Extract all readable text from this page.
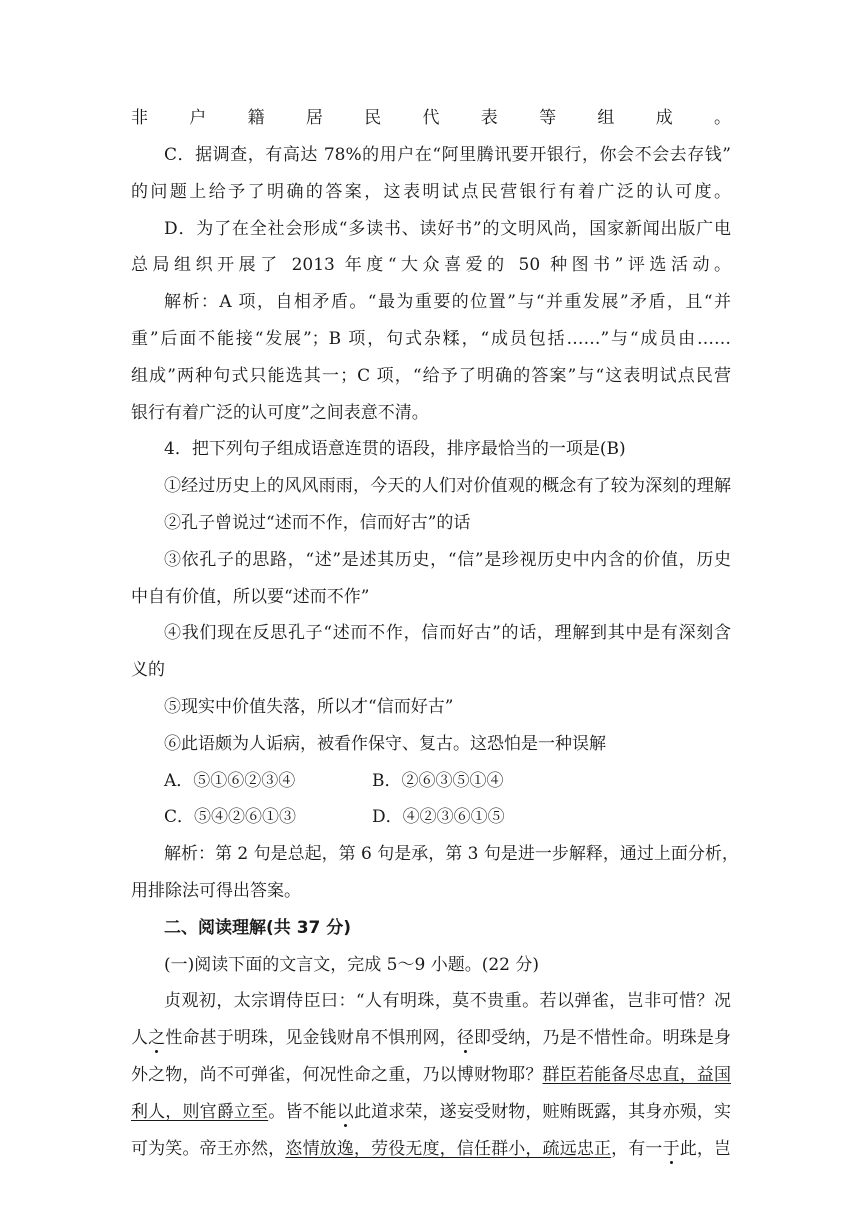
非户籍居民代表等组成。
C．据调查，有高达 78%的用户在“阿里腾讯要开银行，你会不会去存钱”
的问题上给予了明确的答案，这表明试点民营银行有着广泛的认可度。
D．为了在全社会形成“多读书、读好书”的文明风尚，国家新闻出版广电
总局组织开展了 2013 年度“大众喜爱的 50 种图书”评选活动。
解析：A 项，自相矛盾。“最为重要的位置”与“并重发展”矛盾，且“并
重”后面不能接“发展”；B 项，句式杂糅，“成员包括……”与“成员由……
组成”两种句式只能选其一；C 项，“给予了明确的答案”与“这表明试点民营
银行有着广泛的认可度”之间表意不清。
4．把下列句子组成语意连贯的语段，排序最恰当的一项是(B)
①经过历史上的风风雨雨，今天的人们对价值观的概念有了较为深刻的理解
②孔子曾说过“述而不作，信而好古”的话
③依孔子的思路，“述”是述其历史，“信”是珍视历史中内含的价值，历史
中自有价值，所以要“述而不作”
④我们现在反思孔子“述而不作，信而好古”的话，理解到其中是有深刻含
义的
⑤现实中价值失落，所以才“信而好古”
⑥此语颇为人诟病，被看作保守、复古。这恐怕是一种误解
A．⑤①⑥②③④	B．②⑥③⑤①④
C．⑤④②⑥①③	D．④②③⑥①⑤
解析：第 2 句是总起，第 6 句是承，第 3 句是进一步解释，通过上面分析，
用排除法可得出答案。
二、阅读理解(共 37 分)
(一)阅读下面的文言文，完成 5～9 小题。(22 分)
贞观初，太宗谓侍臣曰：“人有明珠，莫不贵重。若以弹雀，岂非可惜？况
人之性命甚于明珠，见金钱财帛不惧刑网，径即受纳，乃是不惜性命。明珠是身
外之物，尚不可弹雀，何况性命之重，乃以博财物耶？群臣若能备尽忠直，益国
利人，则官爵立至。皆不能以此道求荣，遂妄受财物，赃贿既露，其身亦殒，实
可为笑。帝王亦然，恣情放逸，劳役无度，信任群小，疏远忠正，有一于此，岂
